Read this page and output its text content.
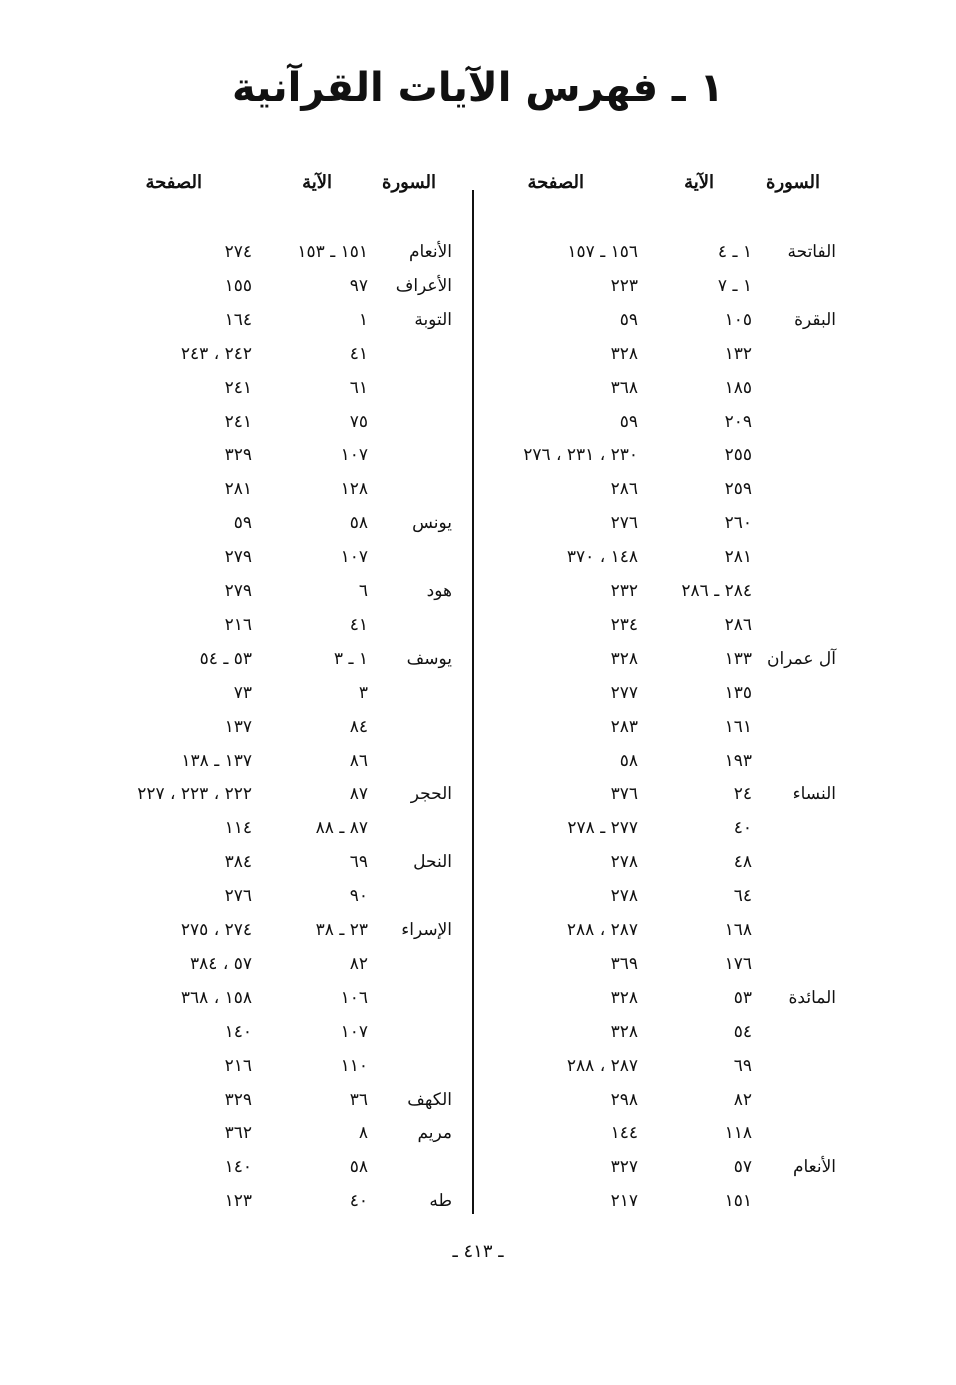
١ ـ فهرس الآيات القرآنية
السورة
الآية
الصفحة
الفاتحة
١ ـ ٤
١٥٦ ـ ١٥٧
١ ـ ٧
٢٢٣
البقرة
١٠٥
٥٩
١٣٢
٣٢٨
١٨٥
٣٦٨
٢٠٩
٥٩
٢٥٥
٢٣٠ ، ٢٣١ ، ٢٧٦
٢٥٩
٢٨٦
٢٦٠
٢٧٦
٢٨١
١٤٨ ، ٣٧٠
٢٨٤ ـ ٢٨٦
٢٣٢
٢٨٦
٢٣٤
آل عمران
١٣٣
٣٢٨
١٣٥
٢٧٧
١٦١
٢٨٣
١٩٣
٥٨
النساء
٢٤
٣٧٦
٤٠
٢٧٧ ـ ٢٧٨
٤٨
٢٧٨
٦٤
٢٧٨
١٦٨
٢٨٧ ، ٢٨٨
١٧٦
٣٦٩
المائدة
٥٣
٣٢٨
٥٤
٣٢٨
٦٩
٢٨٧ ، ٢٨٨
٨٢
٢٩٨
١١٨
١٤٤
الأنعام
٥٧
٣٢٧
١٥١
٢١٧
السورة
الآية
الصفحة
الأنعام
١٥١ ـ ١٥٣
٢٧٤
الأعراف
٩٧
١٥٥
التوبة
١
١٦٤
٤١
٢٤٢ ، ٢٤٣
٦١
٢٤١
٧٥
٢٤١
١٠٧
٣٢٩
١٢٨
٢٨١
يونس
٥٨
٥٩
١٠٧
٢٧٩
هود
٦
٢٧٩
٤١
٢١٦
يوسف
١ ـ ٣
٥٣ ـ ٥٤
٣
٧٣
٨٤
١٣٧
٨٦
١٣٧ ـ ١٣٨
الحجر
٨٧
٢٢٢ ، ٢٢٣ ، ٢٢٧
٨٧ ـ ٨٨
١١٤
النحل
٦٩
٣٨٤
٩٠
٢٧٦
الإسراء
٢٣ ـ ٣٨
٢٧٤ ، ٢٧٥
٨٢
٥٧ ، ٣٨٤
١٠٦
١٥٨ ، ٣٦٨
١٠٧
١٤٠
١١٠
٢١٦
الكهف
٣٦
٣٢٩
مريم
٨
٣٦٢
٥٨
١٤٠
طه
٤٠
١٢٣
ـ ٤١٣ ـ
